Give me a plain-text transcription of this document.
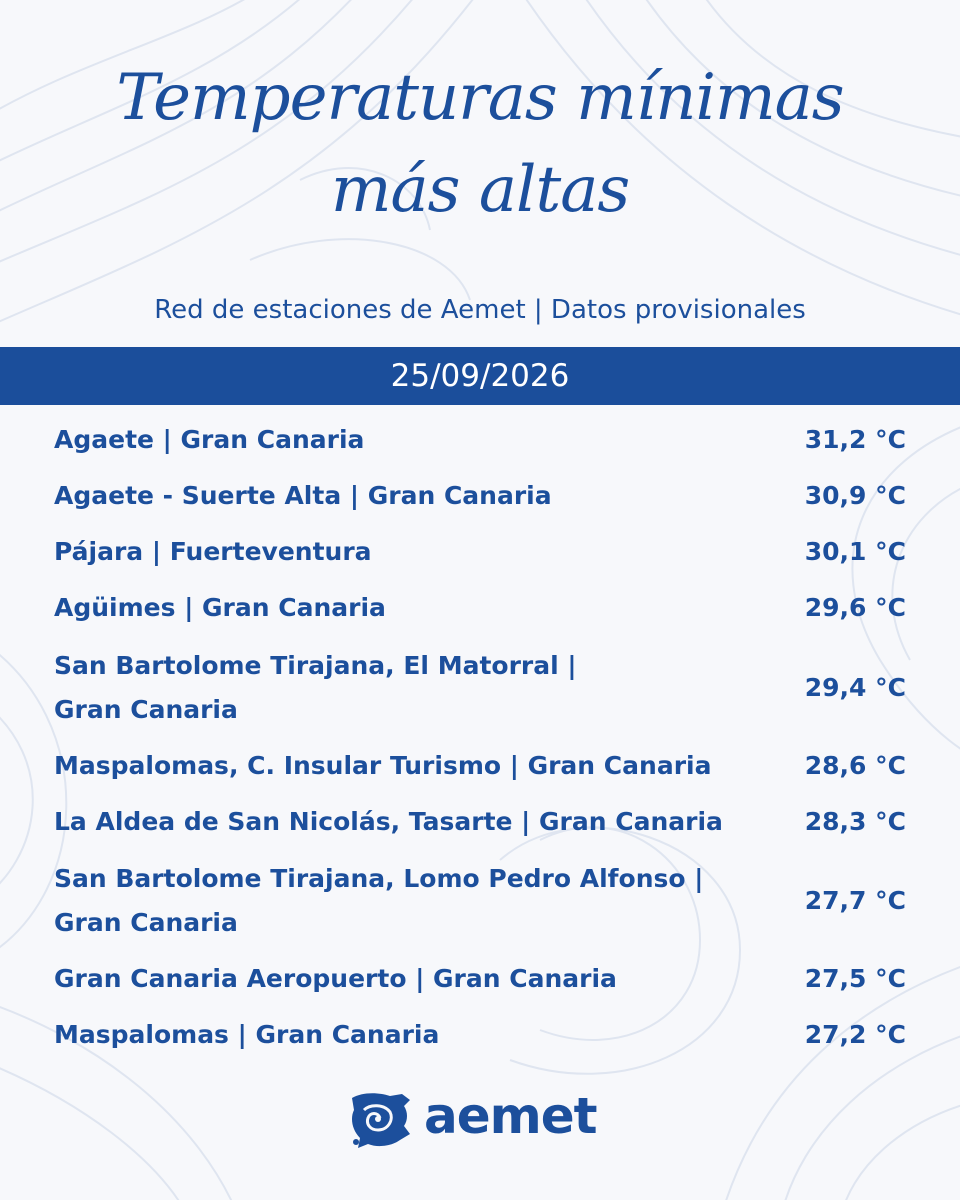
Temperaturas mínimas
más altas
Red de estaciones de Aemet | Datos provisionales
25/09/2026
Agaete | Gran Canaria	31,2 °C
Agaete - Suerte Alta | Gran Canaria	30,9 °C
Pájara | Fuerteventura	30,1 °C
Agüimes | Gran Canaria	29,6 °C
San Bartolome Tirajana, El Matorral |
Gran Canaria
29,4 °C
Maspalomas, C. Insular Turismo | Gran Canaria	28,6 °C
La Aldea de San Nicolás, Tasarte | Gran Canaria	28,3 °C
San Bartolome Tirajana, Lomo Pedro Alfonso |
Gran Canaria
27,7 °C
Gran Canaria Aeropuerto | Gran Canaria	27,5 °C
Maspalomas | Gran Canaria	27,2 °C
aemet
